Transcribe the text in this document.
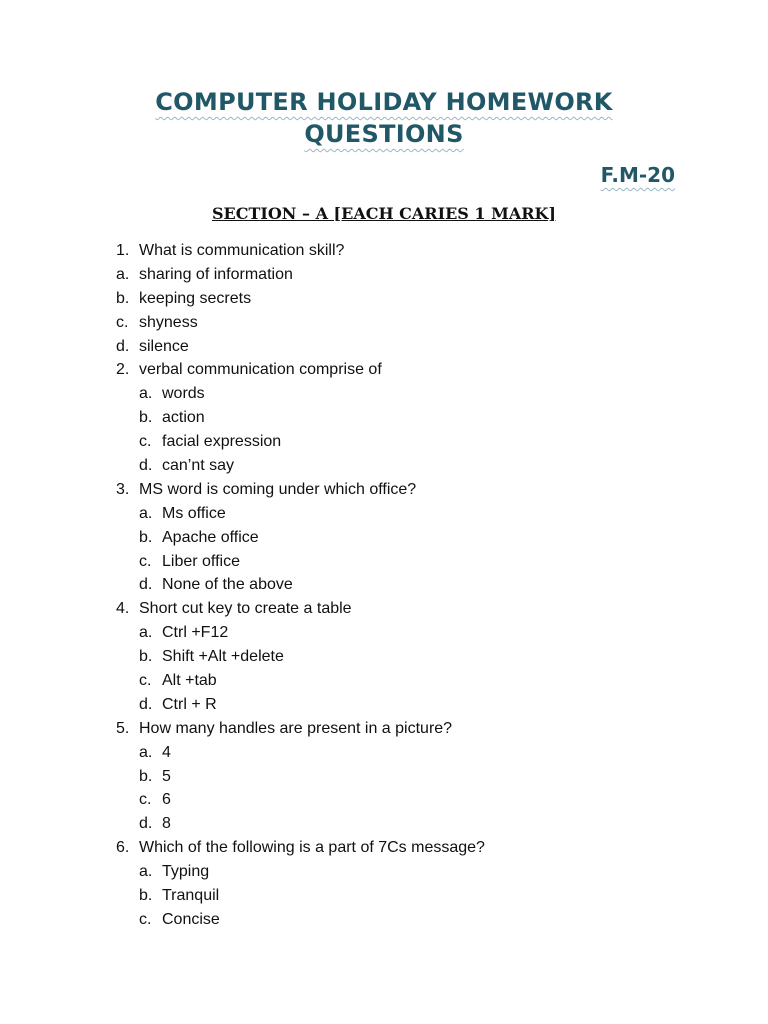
COMPUTER HOLIDAY HOMEWORK
QUESTIONS
F.M-20
SECTION – A [EACH CARIES 1 MARK]
1. What is communication skill?
a. sharing of information
b. keeping secrets
c. shyness
d. silence
2. verbal communication comprise of
a. words
b. action
c. facial expression
d. can’nt say
3. MS word is coming under which office?
a. Ms office
b. Apache office
c. Liber office
d. None of the above
4. Short cut key to create a table
a. Ctrl +F12
b. Shift +Alt +delete
c. Alt +tab
d. Ctrl + R
5. How many handles are present in a picture?
a. 4
b. 5
c. 6
d. 8
6. Which of the following is a part of 7Cs message?
a. Typing
b. Tranquil
c. Concise
